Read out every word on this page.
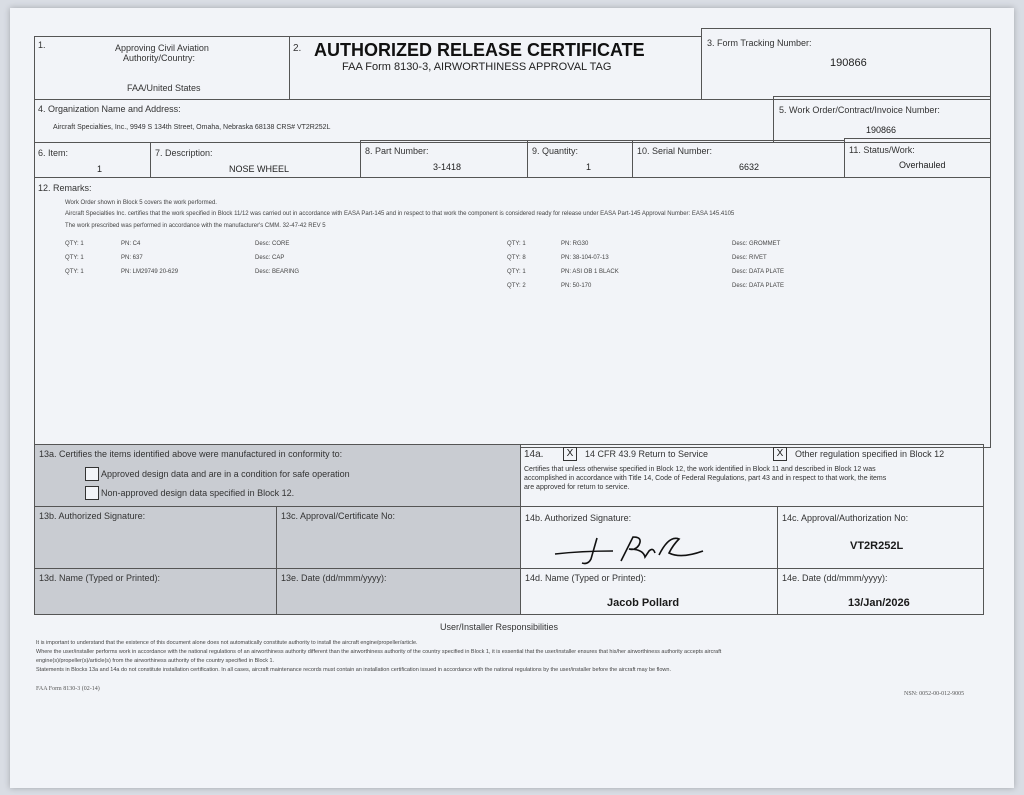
1.	Approving Civil Aviation
Authority/Country:
FAA/United States
2. AUTHORIZED RELEASE CERTIFICATE
FAA Form 8130-3, AIRWORTHINESS APPROVAL TAG
3. Form Tracking Number:
190866
4. Organization Name and Address:
Aircraft Specialties, Inc., 9949 S 134th Street, Omaha, Nebraska 68138 CRS# VT2R252L
5. Work Order/Contract/Invoice Number:
190866
6. Item:
1
7. Description:
NOSE WHEEL
8. Part Number:
3-1418
9. Quantity:
1
10. Serial Number:
6632
11. Status/Work:
Overhauled
12. Remarks:
Work Order shown in Block 5 covers the work performed.
Aircraft Specialties Inc. certifies that the work specified in Block 11/12 was carried out in accordance with EASA Part-145 and in respect to that work the component is considered ready for release under EASA Part-145 Approval Number: EASA 145.4105
The work prescribed was performed in accordance with the manufacturer's CMM. 32-47-42 REV 5
QTY: 1	PN: C4	Desc: CORE
QTY: 1	PN: 637	Desc: CAP
QTY: 1	PN: LM29749 20-629	Desc: BEARING
QTY: 1	PN: RG30	Desc: GROMMET
QTY: 8	PN: 38-104-07-13	Desc: RIVET
QTY: 1	PN: ASI OB 1 BLACK	Desc: DATA PLATE
QTY: 2	PN: 50-170	Desc: DATA PLATE
13a. Certifies the items identified above were manufactured in conformity to:
Approved design data and are in a condition for safe operation
Non-approved design data specified in Block 12.
14a.	X	14 CFR 43.9 Return to Service	X	Other regulation specified in Block 12
Certifies that unless otherwise specified in Block 12, the work identified in Block 11 and described in Block 12 was
accomplished in accordance with Title 14, Code of Federal Regulations, part 43 and in respect to that work, the items
are approved for return to service.
13b. Authorized Signature:	13c. Approval/Certificate No:	14b. Authorized Signature:	14c. Approval/Authorization No:
VT2R252L
13d. Name (Typed or Printed):	13e. Date (dd/mmm/yyyy):	14d. Name (Typed or Printed):
Jacob Pollard
14e. Date (dd/mmm/yyyy):
13/Jan/2026
User/Installer Responsibilities
It is important to understand that the existence of this document alone does not automatically constitute authority to install the aircraft engine/propeller/article.
Where the user/installer performs work in accordance with the national regulations of an airworthiness authority different than the airworthiness authority of the country specified in Block 1, it is essential that the user/installer ensures that his/her airworthiness authority accepts aircraft
engine(s)/propeller(s)/article(s) from the airworthiness authority of the country specified in Block 1.
Statements in Blocks 13a and 14a do not constitute installation certification. In all cases, aircraft maintenance records must contain an installation certification issued in accordance with the national regulations by the user/installer before the aircraft may be flown.
FAA Form 8130-3 (02-14)
NSN: 0052-00-012-9005
